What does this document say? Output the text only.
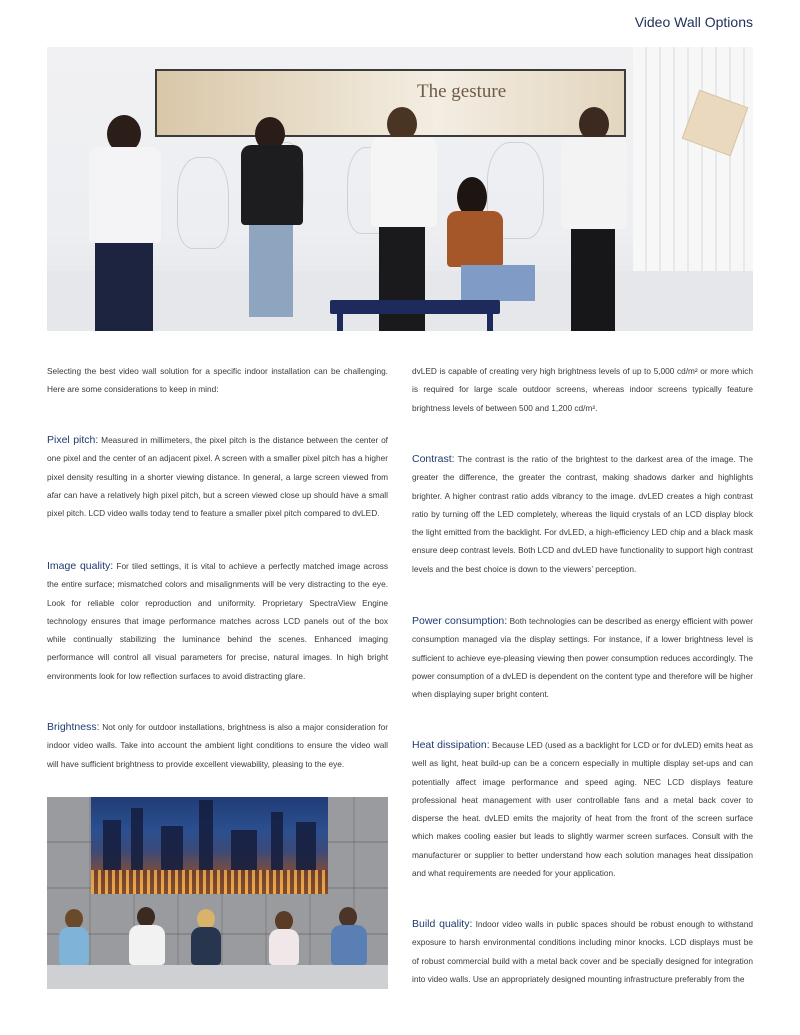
Video Wall Options
The gesture

Selecting the best video wall solution for a specific indoor installation can be challenging. Here are some considerations to keep in mind:

Pixel pitch: Measured in millimeters, the pixel pitch is the distance between the center of one pixel and the center of an adjacent pixel. A screen with a smaller pixel pitch has a higher pixel density resulting in a shorter viewing distance. In general, a large screen viewed from afar can have a relatively high pixel pitch, but a screen viewed close up should have a small pixel pitch. LCD video walls today tend to feature a smaller pixel pitch compared to dvLED.

Image quality: For tiled settings, it is vital to achieve a perfectly matched image across the entire surface; mismatched colors and misalignments will be very distracting to the eye. Look for reliable color reproduction and uniformity. Proprietary SpectraView Engine technology ensures that image performance matches across LCD panels out of the box while continually stabilizing the luminance behind the scenes. Enhanced imaging performance will control all visual parameters for precise, natural images. In high bright environments look for low reflection surfaces to avoid distracting glare.

Brightness: Not only for outdoor installations, brightness is also a major consideration for indoor video walls. Take into account the ambient light conditions to ensure the video wall will have sufficient brightness to provide excellent viewability, pleasing to the eye.

dvLED is capable of creating very high brightness levels of up to 5,000 cd/m² or more which is required for large scale outdoor screens, whereas indoor screens typically feature brightness levels of between 500 and 1,200 cd/m².

Contrast: The contrast is the ratio of the brightest to the darkest area of the image. The greater the difference, the greater the contrast, making shadows darker and highlights brighter. A higher contrast ratio adds vibrancy to the image. dvLED creates a high contrast ratio by turning off the LED completely, whereas the liquid crystals of an LCD display block the light emitted from the backlight. For dvLED, a high-efficiency LED chip and a black mask ensure deep contrast levels. Both LCD and dvLED have functionality to support high contrast levels and the best choice is down to the viewers’ perception.

Power consumption: Both technologies can be described as energy efficient with power consumption managed via the display settings. For instance, if a lower brightness level is sufficient to achieve eye-pleasing viewing then power consumption reduces accordingly. The power consumption of a dvLED is dependent on the content type and therefore will be higher when displaying super bright content.

Heat dissipation: Because LED (used as a backlight for LCD or for dvLED) emits heat as well as light, heat build-up can be a concern especially in multiple display set-ups and can potentially affect image performance and speed aging. NEC LCD displays feature professional heat management with user controllable fans and a metal back cover to disperse the heat. dvLED emits the majority of heat from the front of the screen surface which makes cooling easier but leads to slightly warmer screen surfaces. Consult with the manufacturer or supplier to better understand how each solution manages heat dissipation and what requirements are needed for your application.

Build quality: Indoor video walls in public spaces should be robust enough to withstand exposure to harsh environmental conditions including minor knocks. LCD displays must be of robust commercial build with a metal back cover and be specially designed for integration into video walls. Use an appropriately designed mounting infrastructure preferably from the
